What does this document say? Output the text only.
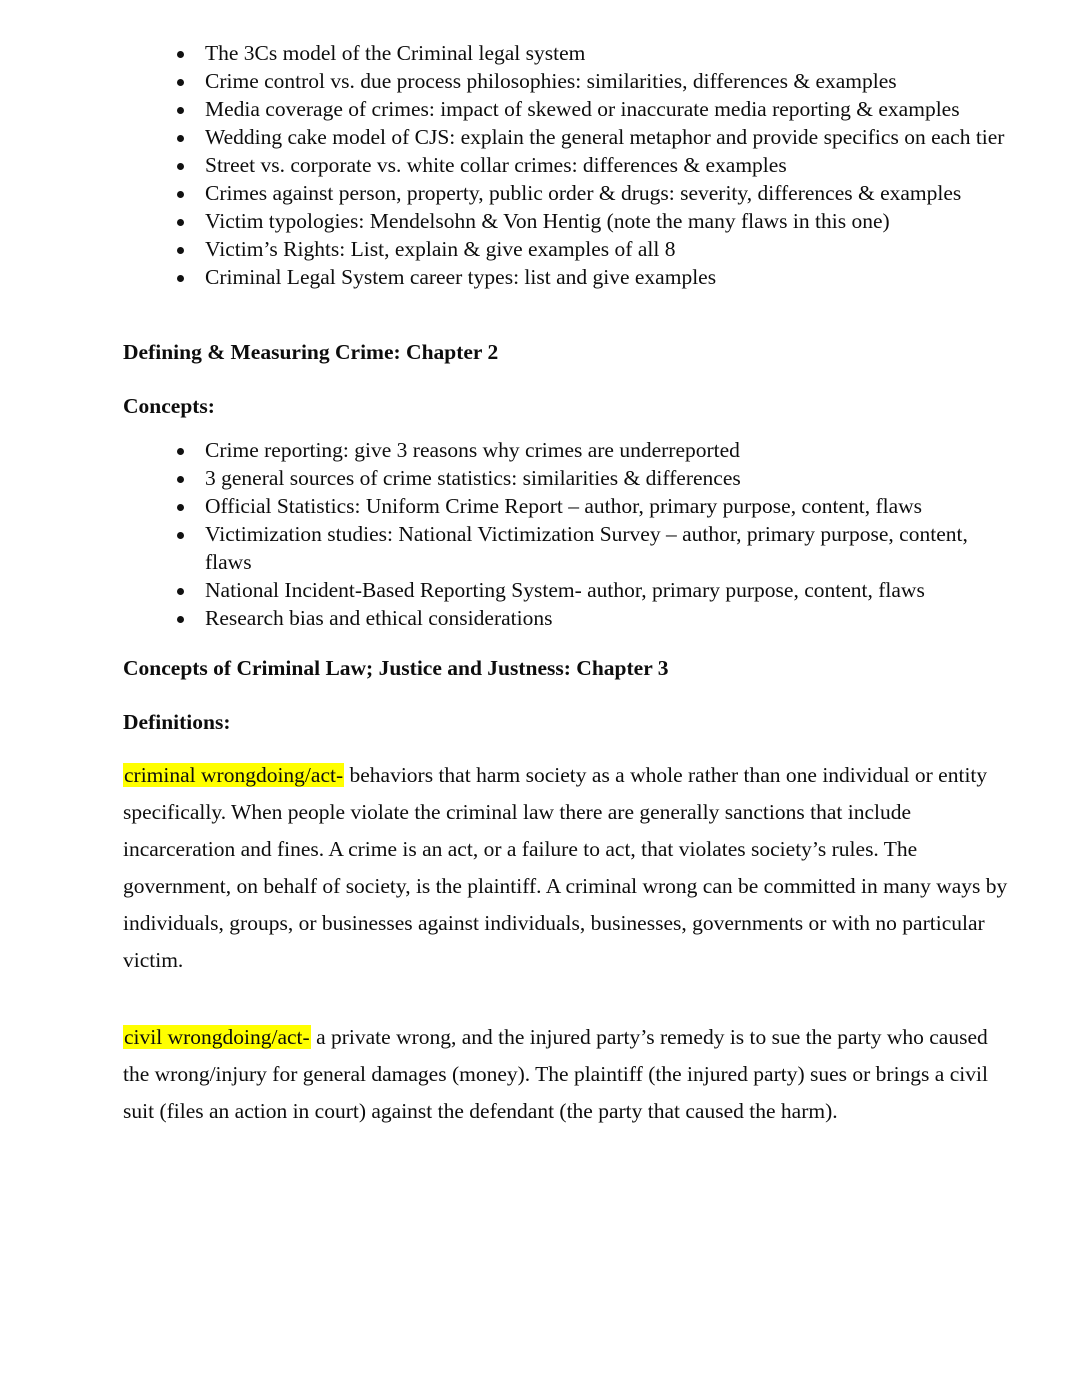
The 3Cs model of the Criminal legal system
Crime control vs. due process philosophies: similarities, differences & examples
Media coverage of crimes: impact of skewed or inaccurate media reporting & examples
Wedding cake model of CJS: explain the general metaphor and provide specifics on each tier
Street vs. corporate vs. white collar crimes: differences & examples
Crimes against person, property, public order & drugs: severity, differences & examples
Victim typologies: Mendelsohn & Von Hentig (note the many flaws in this one)
Victim’s Rights: List, explain & give examples of all 8
Criminal Legal System career types: list and give examples
Defining & Measuring Crime: Chapter 2
Concepts:
Crime reporting: give 3 reasons why crimes are underreported
3 general sources of crime statistics: similarities & differences
Official Statistics: Uniform Crime Report – author, primary purpose, content, flaws
Victimization studies: National Victimization Survey – author, primary purpose, content, flaws
National Incident-Based Reporting System- author, primary purpose, content, flaws
Research bias and ethical considerations
Concepts of Criminal Law; Justice and Justness: Chapter 3
Definitions:

criminal wrongdoing/act- behaviors that harm society as a whole rather than one individual or entity specifically. When people violate the criminal law there are generally sanctions that include incarceration and fines. A crime is an act, or a failure to act, that violates society’s rules. The government, on behalf of society, is the plaintiff. A criminal wrong can be committed in many ways by individuals, groups, or businesses against individuals, businesses, governments or with no particular victim.

civil wrongdoing/act- a private wrong, and the injured party’s remedy is to sue the party who caused the wrong/injury for general damages (money). The plaintiff (the injured party) sues or brings a civil suit (files an action in court) against the defendant (the party that caused the harm).
